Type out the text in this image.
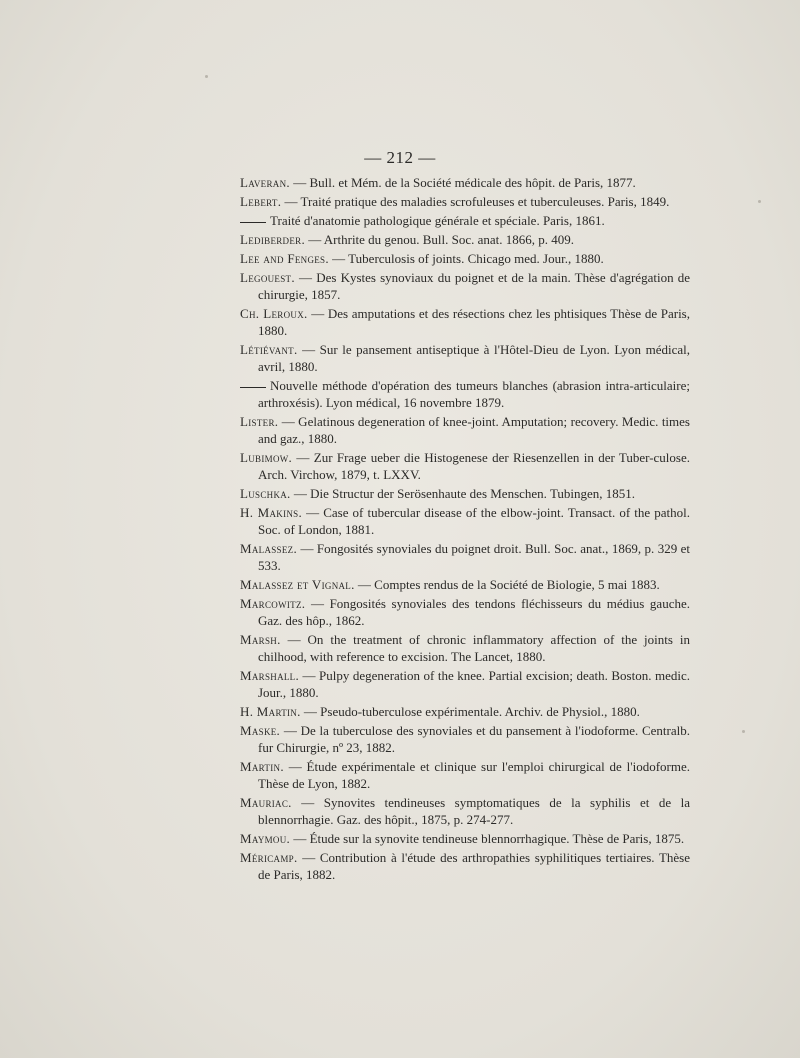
— 212 —
Laveran. — Bull. et Mém. de la Société médicale des hôpit. de Paris, 1877.
Lebert. — Traité pratique des maladies scrofuleuses et tuberculeuses. Paris, 1849.
Traité d'anatomie pathologique générale et spéciale. Paris, 1861.
Lediberder. — Arthrite du genou. Bull. Soc. anat. 1866, p. 409.
Lee and Fenges. — Tuberculosis of joints. Chicago med. Jour., 1880.
Legouest. — Des Kystes synoviaux du poignet et de la main. Thèse d'agrégation de chirurgie, 1857.
Ch. Leroux. — Des amputations et des résections chez les phtisiques Thèse de Paris, 1880.
Létiévant. — Sur le pansement antiseptique à l'Hôtel-Dieu de Lyon. Lyon médical, avril, 1880.
Nouvelle méthode d'opération des tumeurs blanches (abrasion intra-articulaire; arthroxésis). Lyon médical, 16 novembre 1879.
Lister. — Gelatinous degeneration of knee-joint. Amputation; recovery. Medic. times and gaz., 1880.
Lubimow. — Zur Frage ueber die Histogenese der Riesenzellen in der Tuber-culose. Arch. Virchow, 1879, t. LXXV.
Luschka. — Die Structur der Serösenhaute des Menschen. Tubingen, 1851.
H. Makins. — Case of tubercular disease of the elbow-joint. Transact. of the pathol. Soc. of London, 1881.
Malassez. — Fongosités synoviales du poignet droit. Bull. Soc. anat., 1869, p. 329 et 533.
Malassez et Vignal. — Comptes rendus de la Société de Biologie, 5 mai 1883.
Marcowitz. — Fongosités synoviales des tendons fléchisseurs du médius gauche. Gaz. des hôp., 1862.
Marsh. — On the treatment of chronic inflammatory affection of the joints in chilhood, with reference to excision. The Lancet, 1880.
Marshall. — Pulpy degeneration of the knee. Partial excision; death. Boston. medic. Jour., 1880.
H. Martin. — Pseudo-tuberculose expérimentale. Archiv. de Physiol., 1880.
Maske. — De la tuberculose des synoviales et du pansement à l'iodoforme. Centralb. fur Chirurgie, nº 23, 1882.
Martin. — Étude expérimentale et clinique sur l'emploi chirurgical de l'iodoforme. Thèse de Lyon, 1882.
Mauriac. — Synovites tendineuses symptomatiques de la syphilis et de la blennorrhagie. Gaz. des hôpit., 1875, p. 274-277.
Maymou. — Étude sur la synovite tendineuse blennorrhagique. Thèse de Paris, 1875.
Méricamp. — Contribution à l'étude des arthropathies syphilitiques tertiaires. Thèse de Paris, 1882.
